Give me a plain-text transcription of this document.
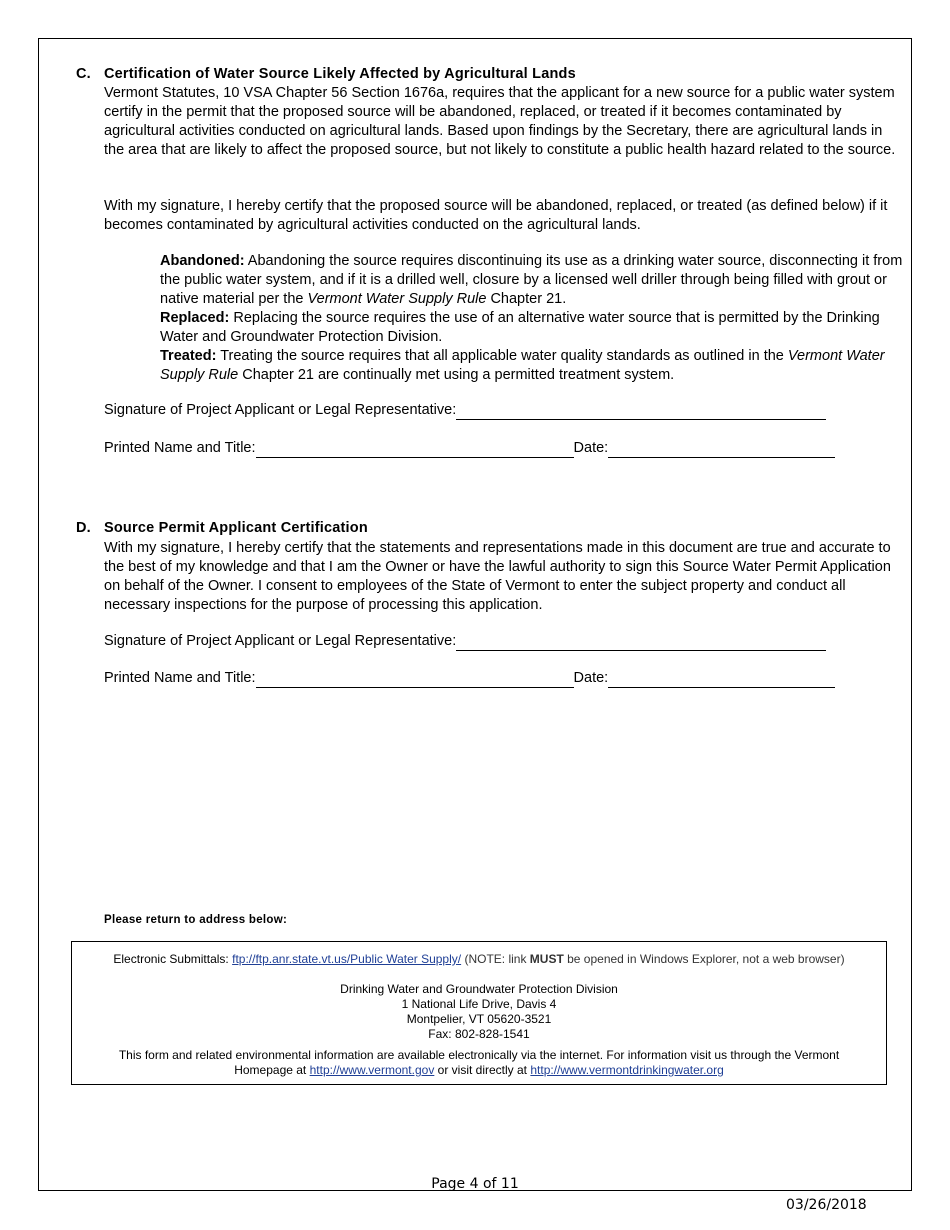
C. Certification of Water Source Likely Affected by Agricultural Lands
Vermont Statutes, 10 VSA Chapter 56 Section 1676a, requires that the applicant for a new source for a public water system certify in the permit that the proposed source will be abandoned, replaced, or treated if it becomes contaminated by agricultural activities conducted on agricultural lands. Based upon findings by the Secretary, there are agricultural lands in the area that are likely to affect the proposed source, but not likely to constitute a public health hazard related to the source.
With my signature, I hereby certify that the proposed source will be abandoned, replaced, or treated (as defined below) if it becomes contaminated by agricultural activities conducted on the agricultural lands.
Abandoned: Abandoning the source requires discontinuing its use as a drinking water source, disconnecting it from the public water system, and if it is a drilled well, closure by a licensed well driller through being filled with grout or native material per the Vermont Water Supply Rule Chapter 21.
Replaced: Replacing the source requires the use of an alternative water source that is permitted by the Drinking Water and Groundwater Protection Division.
Treated: Treating the source requires that all applicable water quality standards as outlined in the Vermont Water Supply Rule Chapter 21 are continually met using a permitted treatment system.
Signature of Project Applicant or Legal Representative:
Printed Name and Title:	Date:
D. Source Permit Applicant Certification
With my signature, I hereby certify that the statements and representations made in this document are true and accurate to the best of my knowledge and that I am the Owner or have the lawful authority to sign this Source Water Permit Application on behalf of the Owner. I consent to employees of the State of Vermont to enter the subject property and conduct all necessary inspections for the purpose of processing this application.
Signature of Project Applicant or Legal Representative:
Printed Name and Title:	Date:
Please return to address below:
Electronic Submittals: ftp://ftp.anr.state.vt.us/Public Water Supply/ (NOTE: link MUST be opened in Windows Explorer, not a web browser)
Drinking Water and Groundwater Protection Division
1 National Life Drive, Davis 4
Montpelier, VT 05620-3521
Fax: 802-828-1541
This form and related environmental information are available electronically via the internet. For information visit us through the Vermont
Homepage at http://www.vermont.gov or visit directly at http://www.vermontdrinkingwater.org
Page 4 of 11
03/26/2018
